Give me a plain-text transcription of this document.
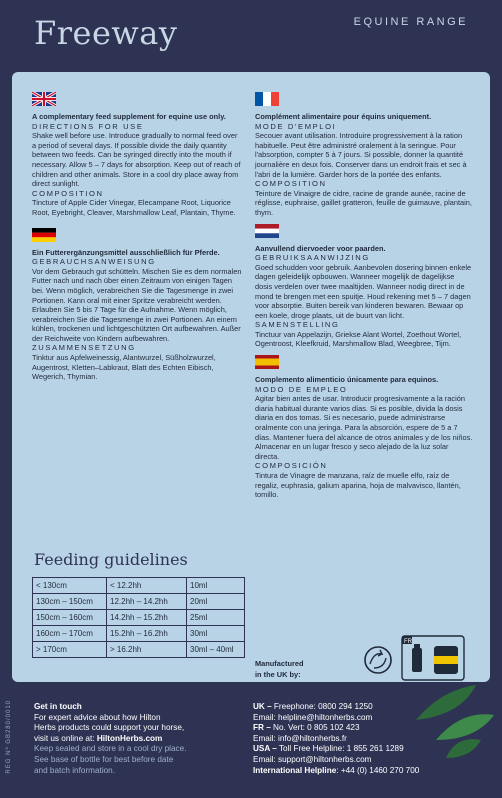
Freeway	EQUINE RANGE

A complementary feed supplement for equine use only.

DIRECTIONS FOR USE

Shake well before use. Introduce gradually to normal feed over a period of several days. If possible divide the daily quantity between two feeds. Can be syringed directly into the mouth if necessary. Allow 5 – 7 days for absorption. Keep out of reach of children and other animals. Store in a cool dry place away from direct sunlight.

COMPOSITION

Tincture of Apple Cider Vinegar, Elecampane Root, Liquorice Root, Eyebright, Cleaver, Marshmallow Leaf, Plantain, Thyme.

Ein Futterergänzungsmittel ausschließlich für Pferde.

GEBRAUCHSANWEISUNG

Vor dem Gebrauch gut schütteln. Mischen Sie es dem normalen Futter nach und nach über einen Zeitraum von einigen Tagen bei. Wenn möglich, verabreichen Sie die Tagesmenge in zwei Portionen. Kann oral mit einer Spritze verabreicht werden. Erlauben Sie 5 bis 7 Tage für die Aufnahme. Wenn möglich, verabreichen Sie die Tagesmenge in zwei Portionen. An einem kühlen, trockenen und lichtgeschützten Ort aufbewahren. Außer der Reichweite von Kindern aufbewahren.

ZUSAMMENSETZUNG

Tinktur aus Apfelweinessig, Alantwurzel, Süßholzwurzel, Augentrost, Kletten–Labkraut, Blatt des Echten Eibisch, Wegerich, Thymian.

Complément alimentaire pour équins uniquement.

MODE D'EMPLOI

Secouer avant utilisation. Introduire progressivement à la ration habituelle. Peut être administré oralement à la seringue. Pour l'absorption, compter 5 à 7 jours. Si possible, donner la quantité journalière en deux fois. Conserver dans un endroit frais et sec à l'abri de la lumière. Garder hors de la portée des enfants.

COMPOSITION

Teinture de Vinaigre de cidre, racine de grande aunée, racine de réglisse, euphraise, gaillet gratteron, feuille de guimauve, plantain, thym.

Aanvullend diervoeder voor paarden.

GEBRUIKSAANWIJZING

Goed schudden voor gebruik. Aanbevolen dosering binnen enkele dagen geleidelijk opbouwen. Wanneer mogelijk de dagelijkse dosis verdelen over twee maaltijden. Wanneer nodig direct in de mond te brengen met een spuitje. Houd rekening met 5 – 7 dagen voor absorptie. Buiten bereik van kinderen bewaren. Bewaar op een koele, droge plaats, uit de buurt van licht.

SAMENSTELLING

Tinctuur van Appelazijn, Griekse Alant Wortel, Zoethout Wortel, Ogentroost, Kleefkruid, Marshmallow Blad, Weegbree, Tijm.

Complemento alimenticio únicamente para equinos.

MODO DE EMPLEO

Agitar bien antes de usar. Introducir progresivamente a la ración diaria habitual durante varios días. Si es posible, divida la dosis diaria en dos tomas. Si es necesario, puede administrarse oralmente con una jeringa. Para la absorción, espere de 5 a 7 días. Mantener fuera del alcance de otros animales y de los niños. Almacenar en un lugar fresco y seco alejado de la luz solar directa.

COMPOSICIÓN

Tintura de Vinagre de manzana, raíz de muelle elfo, raíz de regaliz, euphrasia, galium aparina, hoja de malvavisco, llantén, tomillo.

Feeding guidelines
< 130cm	< 12.2hh	10ml
130cm – 150cm	12.2hh – 14.2hh	20ml
150cm – 160cm	14.2hh – 15.2hh	25ml
160cm – 170cm	15.2hh – 16.2hh	30ml
> 170cm	> 16.2hh	30ml – 40ml

Manufactured

in the UK by:

FR
REG Nº GB280/0010	Get in touch

For expert advice about how Hilton

Herbs products could support your horse,

visit us online at: HiltonHerbs.com

Keep sealed and store in a cool dry place.

See base of bottle for best before date

and batch information.

UK – Freephone: 0800 294 1250

Email: helpline@hiltonherbs.com

FR – No. Vert: 0 805 102 423

Email: info@hiltonherbs.fr

USA – Toll Free Helpline: 1 855 261 1289

Email: support@hiltonherbs.com

International Helpline: +44 (0) 1460 270 700
